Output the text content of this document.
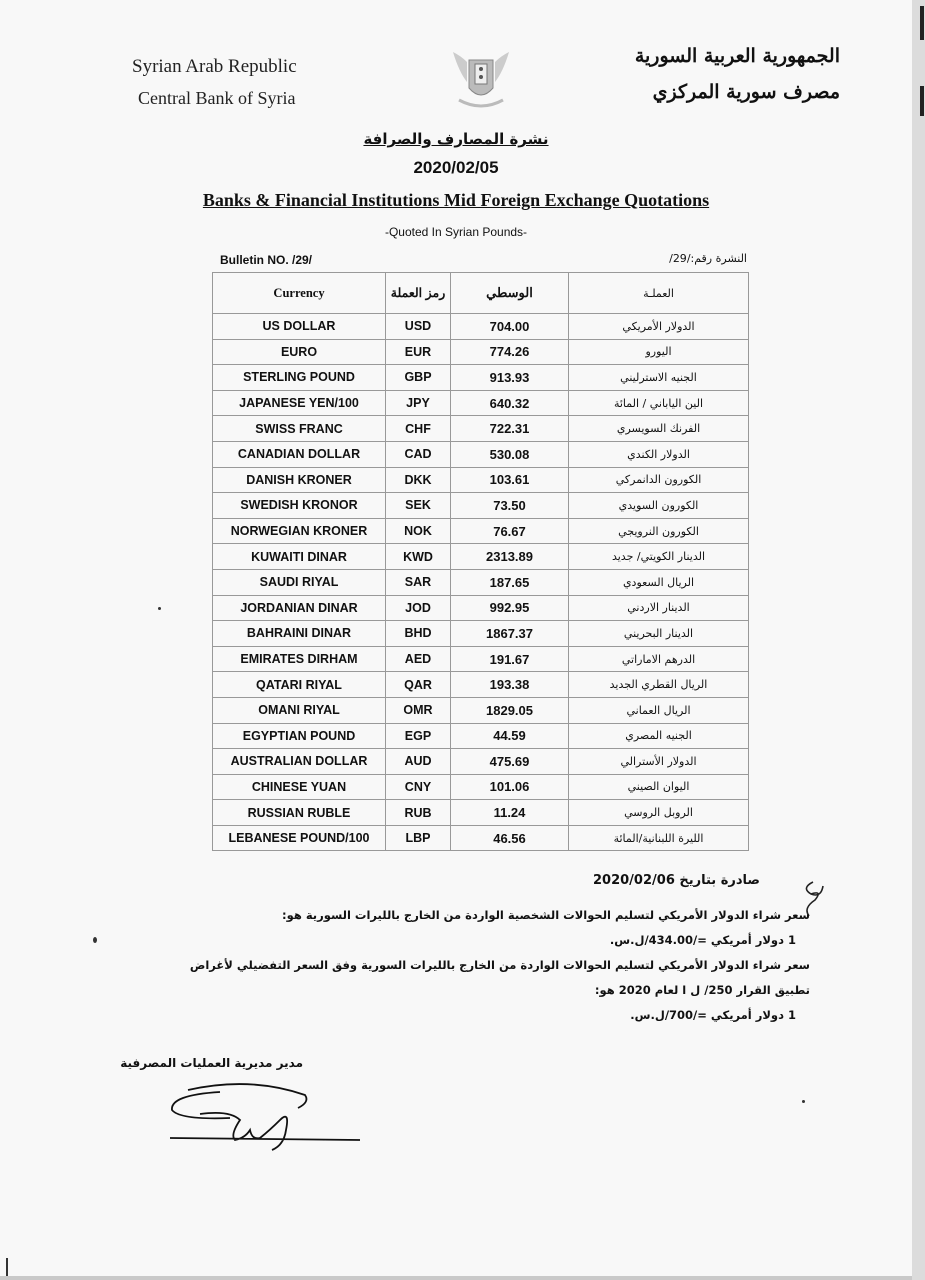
Syrian Arab Republic
Central Bank of Syria
الجمهورية العربية السورية
مصرف سورية المركزي
نشرة المصارف والصرافة
2020/02/05
Banks & Financial Institutions Mid Foreign Exchange Quotations
-Quoted In Syrian Pounds-
Bulletin NO. /29/	النشرة رقم:/29/
Currency	رمز العملة	الوسطي	العملـة
US DOLLAR	USD	704.00	الدولار الأمريكي
EURO	EUR	774.26	اليورو
STERLING POUND	GBP	913.93	الجنيه الاسترليني
JAPANESE YEN/100	JPY	640.32	الين الياباني / المائة
SWISS FRANC	CHF	722.31	الفرنك السويسري
CANADIAN DOLLAR	CAD	530.08	الدولار الكندي
DANISH KRONER	DKK	103.61	الكورون الدانمركي
SWEDISH KRONOR	SEK	73.50	الكورون السويدي
NORWEGIAN KRONER	NOK	76.67	الكورون النرويجي
KUWAITI DINAR	KWD	2313.89	الدينار الكويتي/ جديد
SAUDI RIYAL	SAR	187.65	الريال السعودي
JORDANIAN DINAR	JOD	992.95	الدينار الاردني
BAHRAINI DINAR	BHD	1867.37	الدينار البحريني
EMIRATES DIRHAM	AED	191.67	الدرهم الاماراتي
QATARI RIYAL	QAR	193.38	الريال القطري الجديد
OMANI RIYAL	OMR	1829.05	الريال العماني
EGYPTIAN POUND	EGP	44.59	الجنيه المصري
AUSTRALIAN DOLLAR	AUD	475.69	الدولار الأسترالي
CHINESE YUAN	CNY	101.06	اليوان الصيني
RUSSIAN RUBLE	RUB	11.24	الروبل الروسي
LEBANESE POUND/100	LBP	46.56	الليرة اللبنانية/المائة
صادرة بتاريخ 2020/02/06
سعر شراء الدولار الأمريكي لتسليم الحوالات الشخصية الواردة من الخارج بالليرات السورية هو:
1 دولار أمريكي =/434.00/ل.س.
سعر شراء الدولار الأمريكي لتسليم الحوالات الواردة من الخارج بالليرات السورية وفق السعر التفضيلي لأغراض
تطبيق القرار 250/ ل ا لعام 2020 هو:
1 دولار أمريكي =/700/ل.س.
مدير مديرية العمليات المصرفية
